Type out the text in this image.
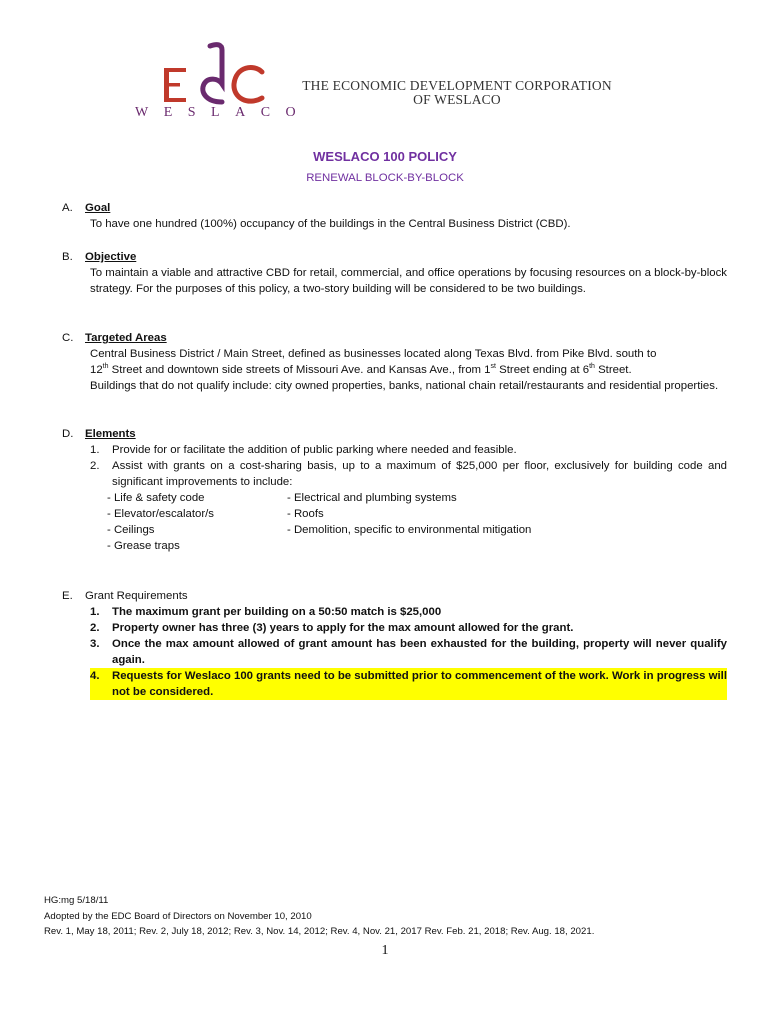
WESLACO
THE ECONOMIC DEVELOPMENT CORPORATION
OF WESLACO
WESLACO 100 POLICY
RENEWAL BLOCK-BY-BLOCK
A. Goal
To have one hundred (100%) occupancy of the buildings in the Central Business District (CBD).
B. Objective
To maintain a viable and attractive CBD for retail, commercial, and office operations by focusing resources on a block-by-block strategy. For the purposes of this policy, a two-story building will be considered to be two buildings.
C. Targeted Areas
Central Business District / Main Street, defined as businesses located along Texas Blvd. from Pike Blvd. south to
12th Street and downtown side streets of Missouri Ave. and Kansas Ave., from 1st Street ending at 6th Street.
Buildings that do not qualify include: city owned properties, banks, national chain retail/restaurants and residential properties.
D. Elements
1. Provide for or facilitate the addition of public parking where needed and feasible.
2. Assist with grants on a cost-sharing basis, up to a maximum of $25,000 per floor, exclusively for building code and significant improvements to include:
- Life & safety code
- Elevator/escalator/s
- Ceilings
- Grease traps
- Electrical and plumbing systems
- Roofs
- Demolition, specific to environmental mitigation
E. Grant Requirements
1. The maximum grant per building on a 50:50 match is $25,000
2. Property owner has three (3) years to apply for the max amount allowed for the grant.
3. Once the max amount allowed of grant amount has been exhausted for the building, property will never qualify again.
4. Requests for Weslaco 100 grants need to be submitted prior to commencement of the work. Work in progress will not be considered.
HG:mg 5/18/11
Adopted by the EDC Board of Directors on November 10, 2010
Rev. 1, May 18, 2011; Rev. 2, July 18, 2012; Rev. 3, Nov. 14, 2012; Rev. 4, Nov. 21, 2017 Rev. Feb. 21, 2018; Rev. Aug. 18, 2021.
1
